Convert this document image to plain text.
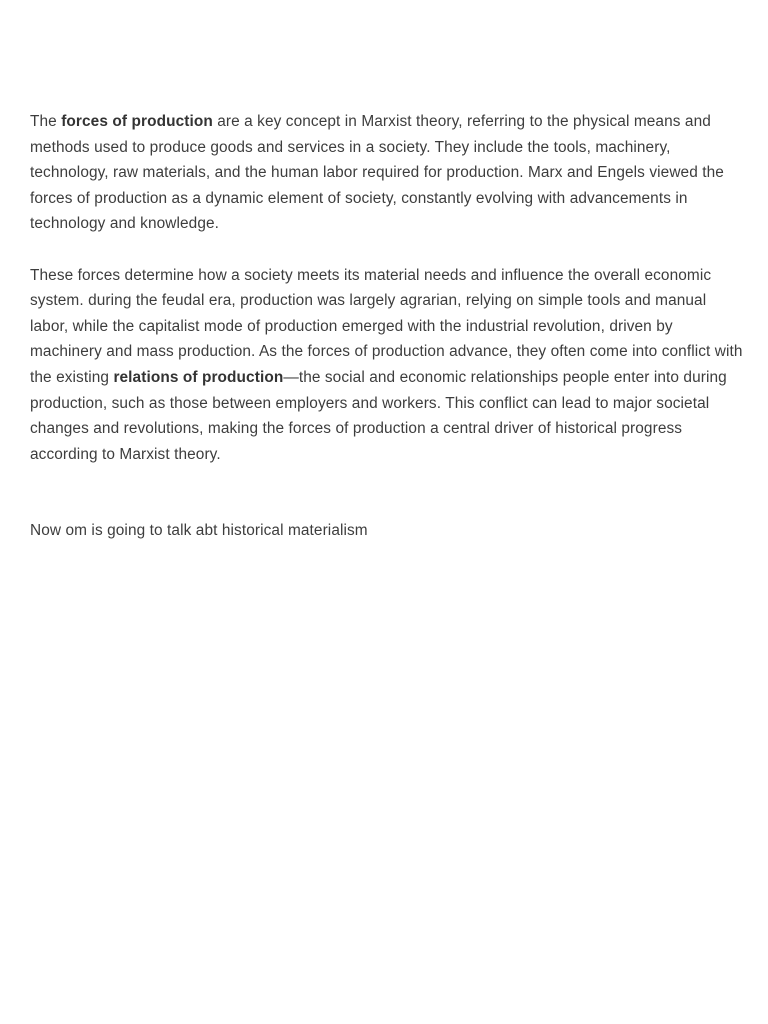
The forces of production are a key concept in Marxist theory, referring to the physical means and methods used to produce goods and services in a society. They include the tools, machinery, technology, raw materials, and the human labor required for production. Marx and Engels viewed the forces of production as a dynamic element of society, constantly evolving with advancements in technology and knowledge.

These forces determine how a society meets its material needs and influence the overall economic system. during the feudal era, production was largely agrarian, relying on simple tools and manual labor, while the capitalist mode of production emerged with the industrial revolution, driven by machinery and mass production. As the forces of production advance, they often come into conflict with the existing relations of production—the social and economic relationships people enter into during production, such as those between employers and workers. This conflict can lead to major societal changes and revolutions, making the forces of production a central driver of historical progress according to Marxist theory.

Now om is going to talk abt historical materialism
